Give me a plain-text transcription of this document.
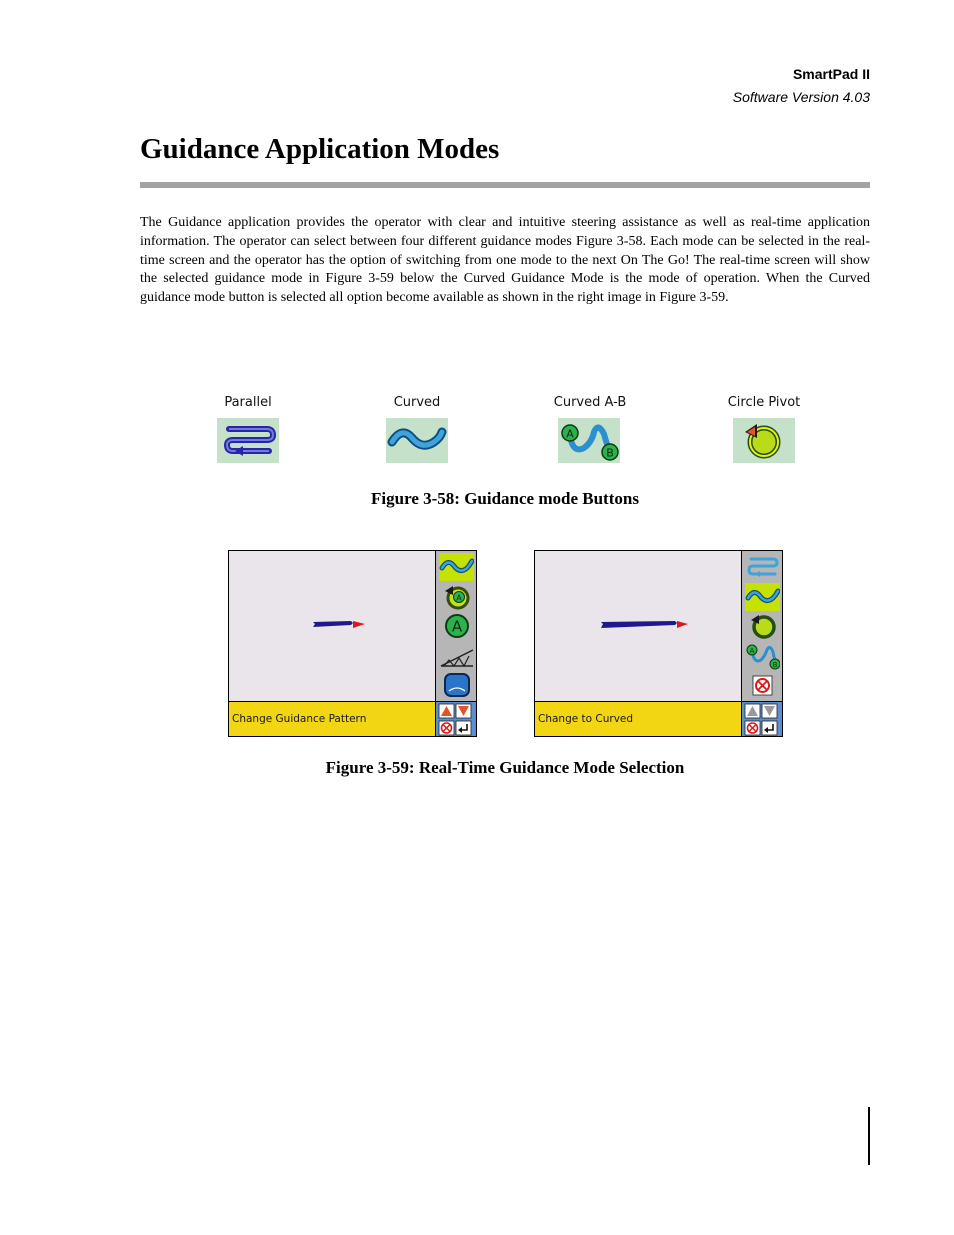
SmartPad II
Software Version 4.03
Guidance Application Modes

The Guidance application provides the operator with clear and intuitive steering assistance as well as real-time application information. The operator can select between four different guidance modes Figure 3-58. Each mode can be selected in the real-time screen and the operator has the option of switching from one mode to the next On The Go! The real-time screen will show the selected guidance mode in Figure 3-59 below the Curved Guidance Mode is the mode of operation. When the Curved guidance mode button is selected all option become available as shown in the right image in Figure 3-59.

Parallel	Curved	Curved A-B
A
B
Circle Pivot
Figure 3-58: Guidance mode Buttons
Change Guidance Pattern
A
A
Change to Curved
A
B
Figure 3-59: Real-Time Guidance Mode Selection
